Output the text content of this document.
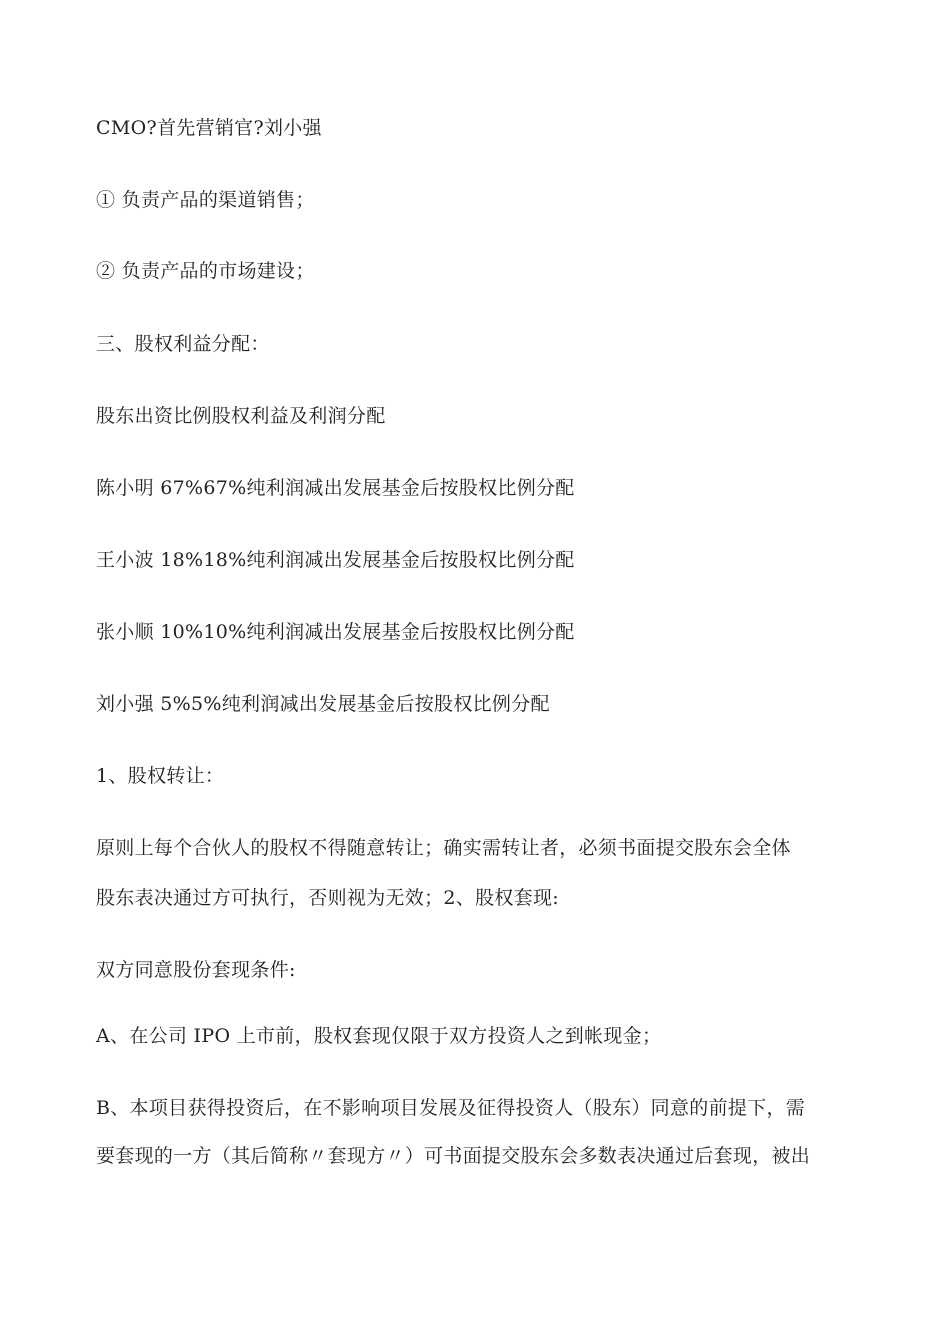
CMO?首先营销官?刘小强
① 负责产品的渠道销售；
② 负责产品的市场建设；
三、股权利益分配：
股东出资比例股权利益及利润分配
陈小明 67%67%纯利润减出发展基金后按股权比例分配
王小波 18%18%纯利润减出发展基金后按股权比例分配
张小顺 10%10%纯利润减出发展基金后按股权比例分配
刘小强 5%5%纯利润减出发展基金后按股权比例分配
1、股权转让：
原则上每个合伙人的股权不得随意转让；确实需转让者，必须书面提交股东会全体
股东表决通过方可执行，否则视为无效；2、股权套现:
双方同意股份套现条件:
A、在公司 IPO 上市前，股权套现仅限于双方投资人之到帐现金；
B、本项目获得投资后，在不影响项目发展及征得投资人（股东）同意的前提下，需
要套现的一方（其后简称〃套现方〃）可书面提交股东会多数表决通过后套现，被出
